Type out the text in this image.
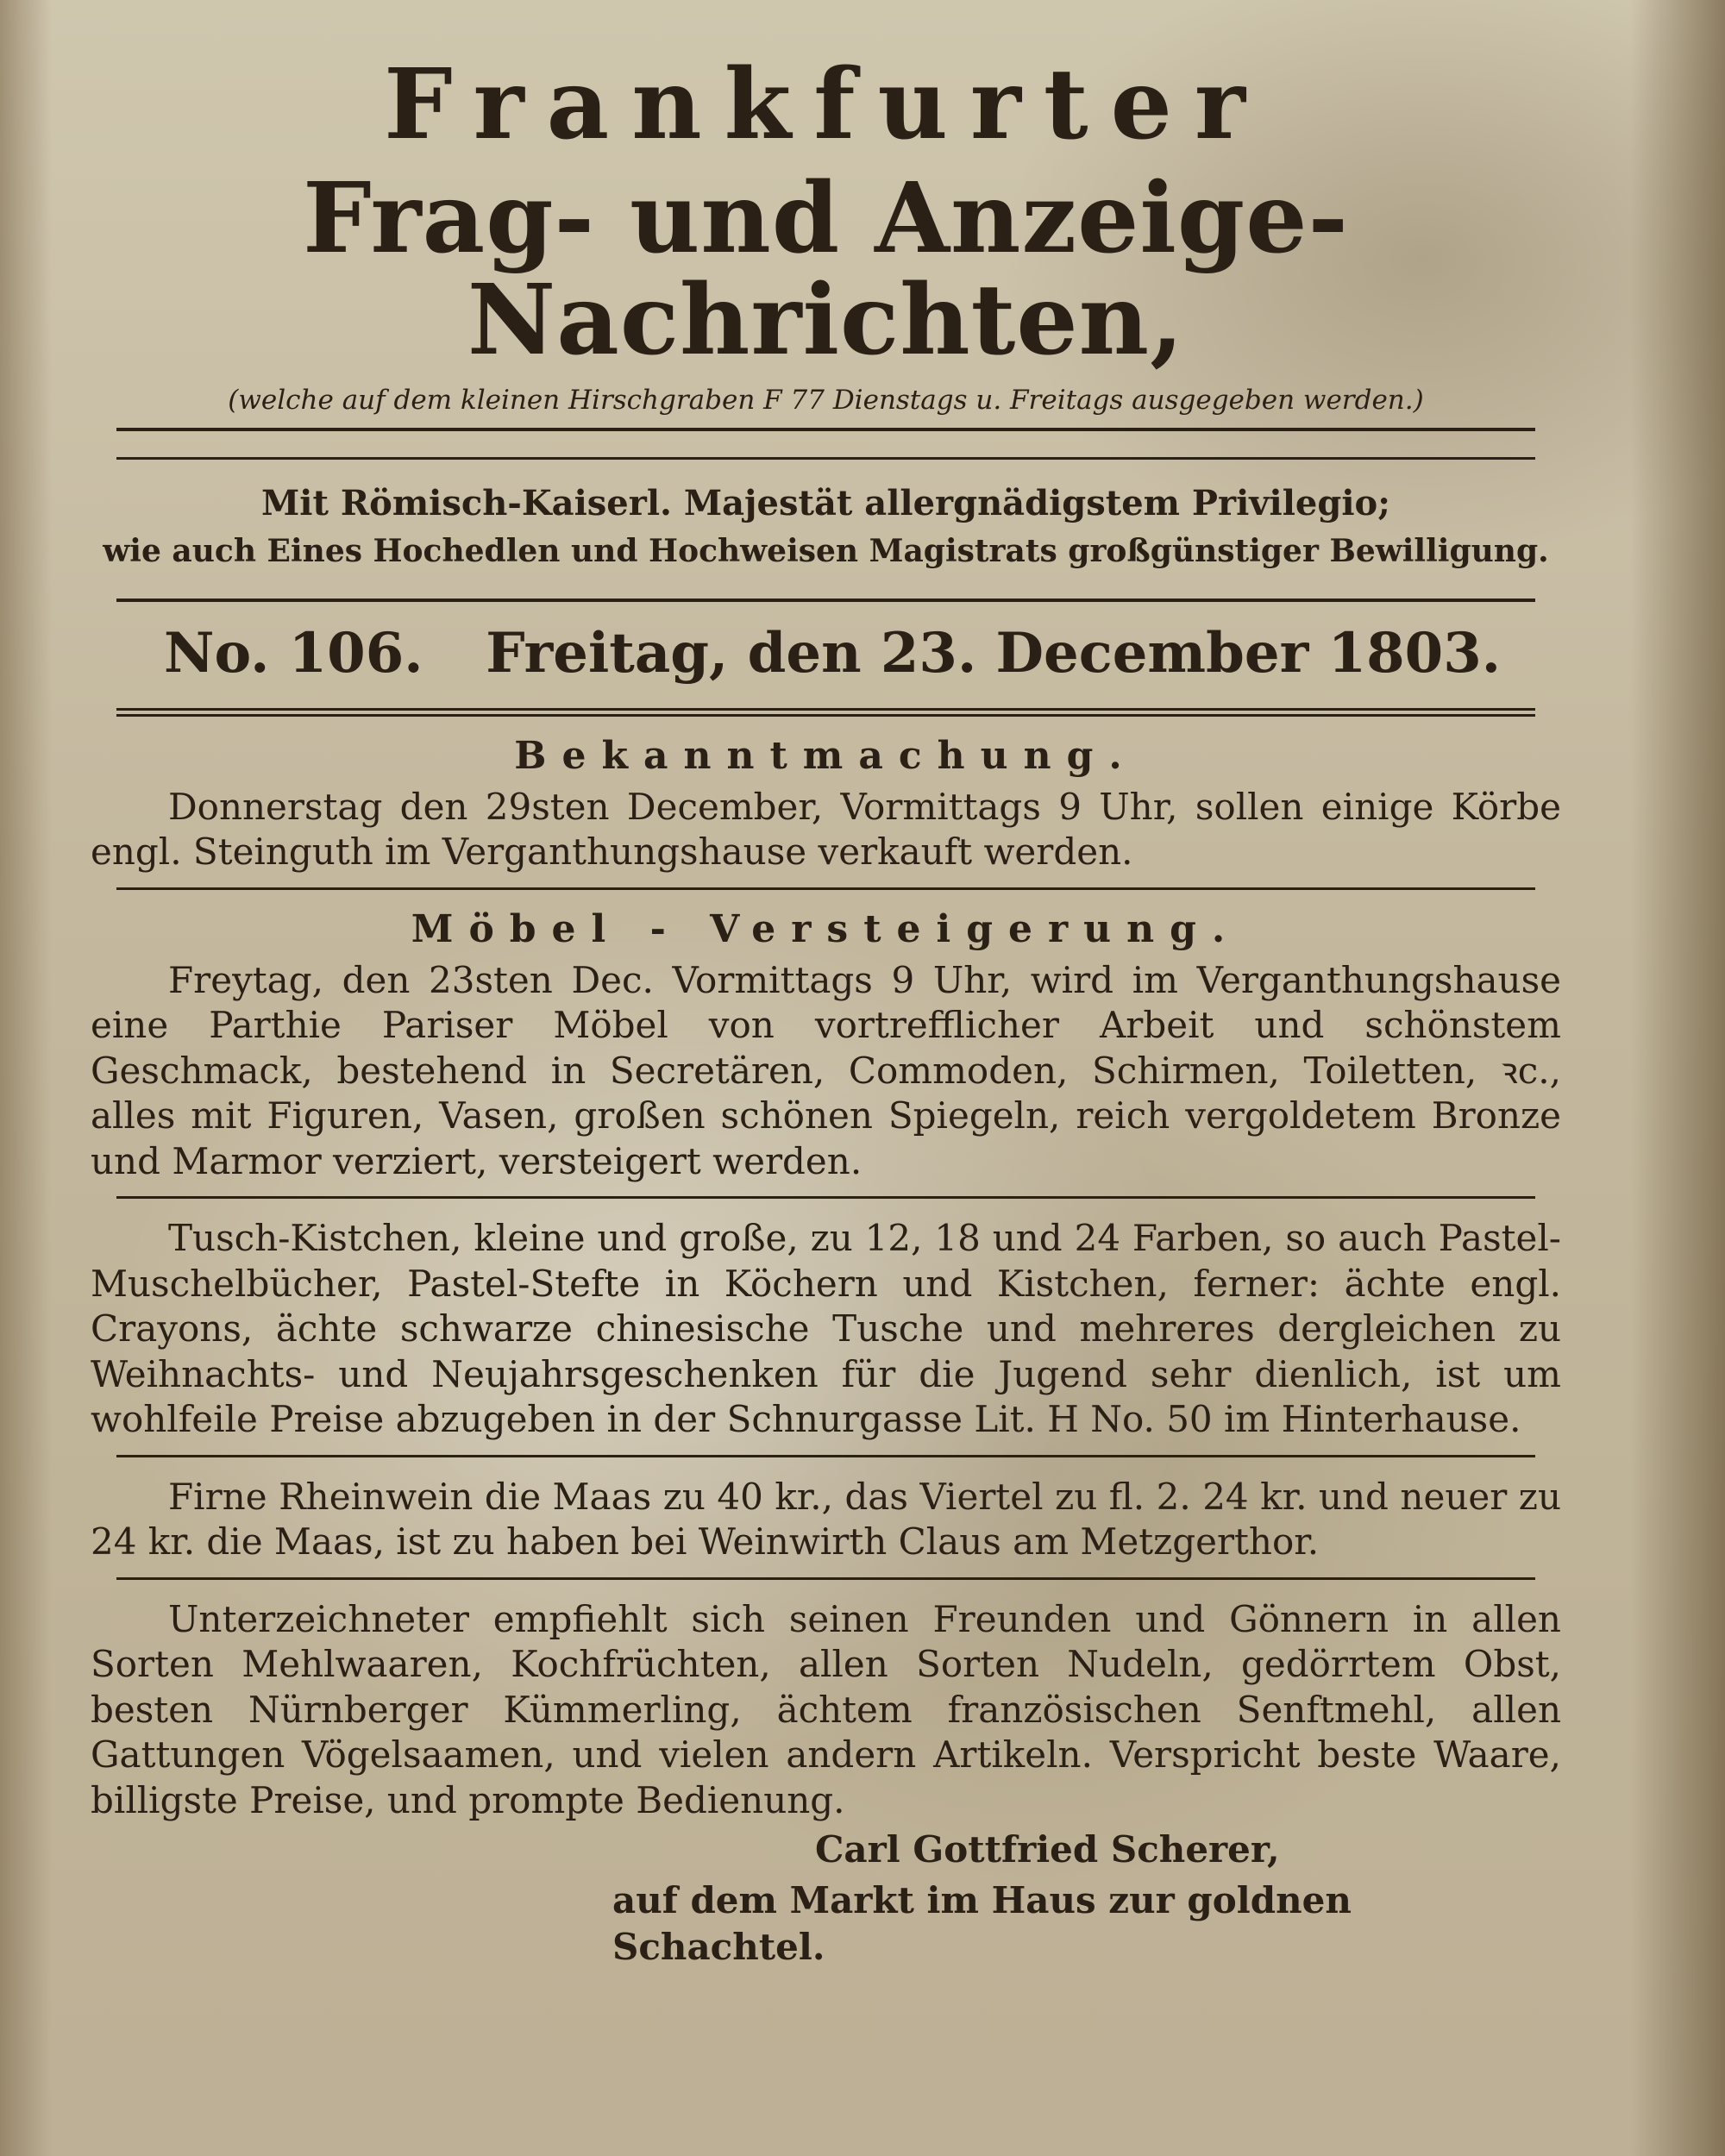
Frankfurter
Frag- und Anzeige-Nachrichten,
(welche auf dem kleinen Hirschgraben F 77 Dienstags u. Freitags ausgegeben werden.)
Mit Römisch-Kaiserl. Majestät allergnädigstem Privilegio;
wie auch Eines Hochedlen und Hochweisen Magistrats großgünstiger Bewilligung.
No. 106. Freitag, den 23. December 1803.
Bekanntmachung.

Donnerstag den 29sten December, Vormittags 9 Uhr, sollen einige Körbe engl. Steinguth im Verganthungshause verkauft werden.

Möbel - Versteigerung.

Freytag, den 23sten Dec. Vormittags 9 Uhr, wird im Verganthungshause eine Parthie Pariser Möbel von vortrefflicher Arbeit und schönstem Geschmack, bestehend in Secretären, Commoden, Schirmen, Toiletten, ꝛc., alles mit Figuren, Vasen, großen schönen Spiegeln, reich vergoldetem Bronze und Marmor verziert, versteigert werden.

Tusch-Kistchen, kleine und große, zu 12, 18 und 24 Farben, so auch Pastel-Muschelbücher, Pastel-Stefte in Köchern und Kistchen, ferner: ächte engl. Crayons, ächte schwarze chinesische Tusche und mehreres dergleichen zu Weihnachts- und Neujahrsgeschenken für die Jugend sehr dienlich, ist um wohlfeile Preise abzugeben in der Schnurgasse Lit. H No. 50 im Hinterhause.

Firne Rheinwein die Maas zu 40 kr., das Viertel zu fl. 2. 24 kr. und neuer zu 24 kr. die Maas, ist zu haben bei Weinwirth Claus am Metzgerthor.

Unterzeichneter empfiehlt sich seinen Freunden und Gönnern in allen Sorten Mehlwaaren, Kochfrüchten, allen Sorten Nudeln, gedörrtem Obst, besten Nürnberger Kümmerling, ächtem französischen Senftmehl, allen Gattungen Vögelsaamen, und vielen andern Artikeln. Verspricht beste Waare, billigste Preise, und prompte Bedienung.

Carl Gottfried Scherer,
auf dem Markt im Haus zur goldnen Schachtel.
